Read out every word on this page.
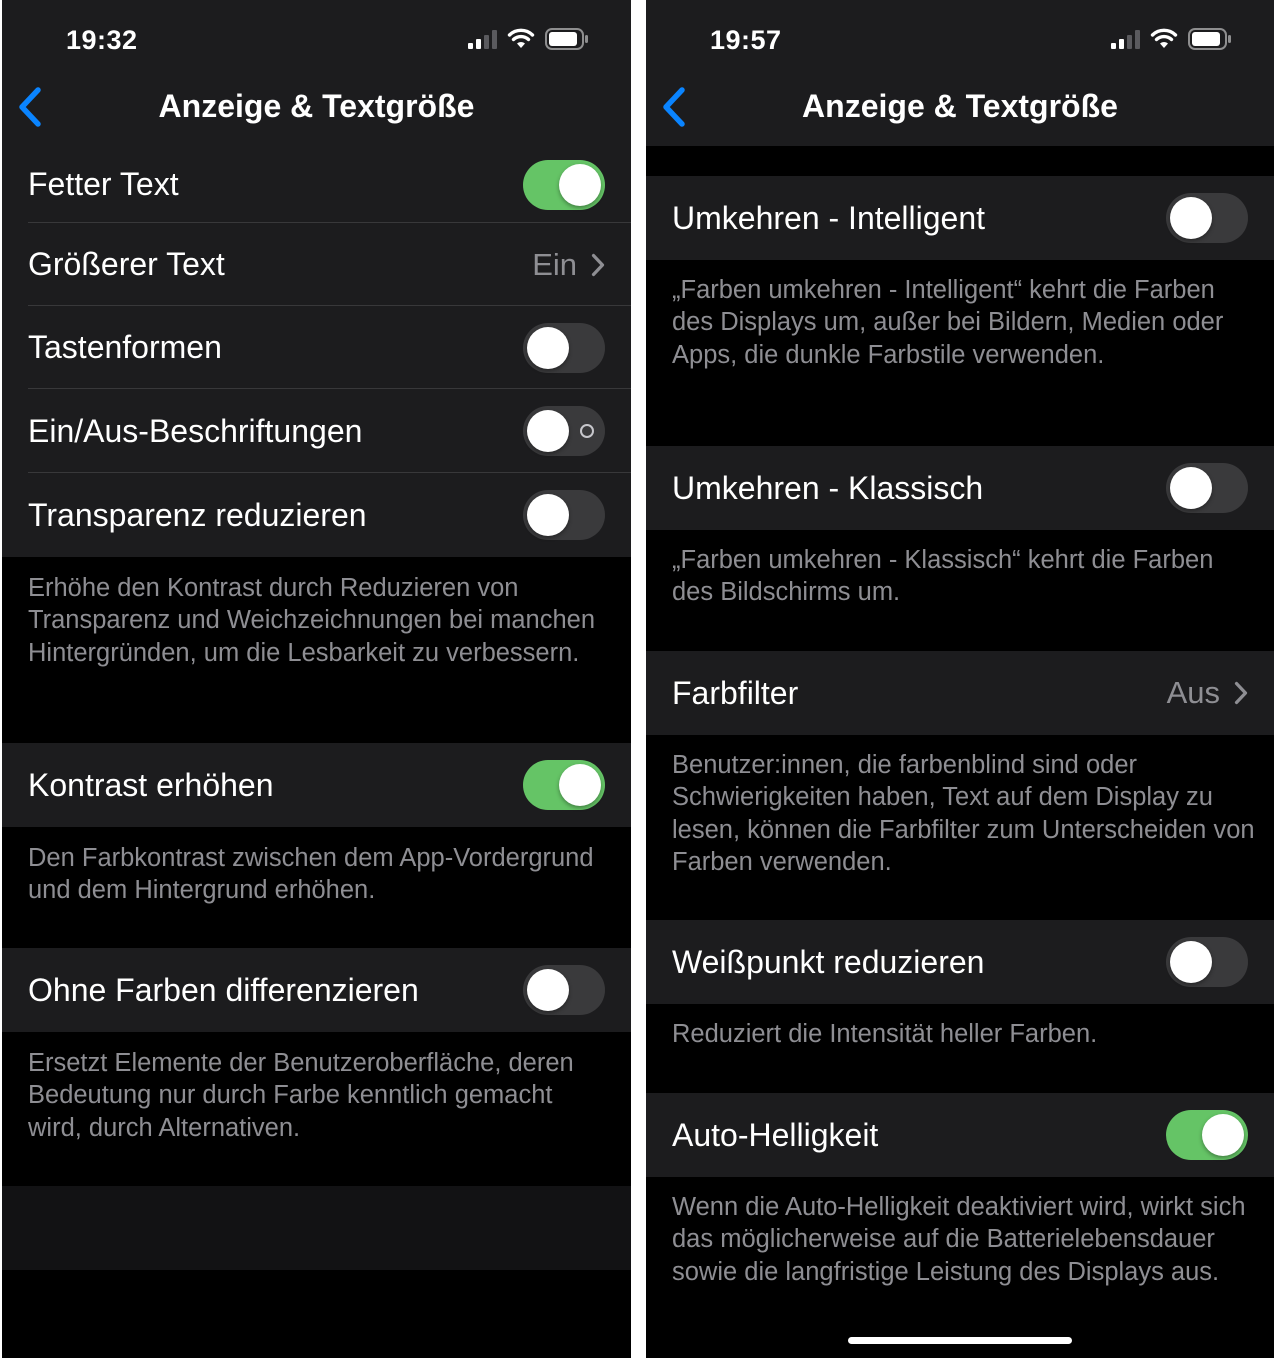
19:32
Anzeige & Textgröße
Fetter Text
Größerer Text	Ein
Tastenformen
Ein/Aus-Beschriftungen
Transparenz reduzieren
Erhöhe den Kontrast durch Reduzieren von Transparenz und Weichzeichnungen bei manchen Hintergründen, um die Lesbarkeit zu verbessern.
Kontrast erhöhen
Den Farbkontrast zwischen dem App-Vordergrund und dem Hintergrund erhöhen.
Ohne Farben differenzieren
Ersetzt Elemente der Benutzeroberfläche, deren Bedeutung nur durch Farbe kenntlich gemacht wird, durch Alternativen.
19:57
Anzeige & Textgröße
Umkehren - Intelligent
„Farben umkehren - Intelligent“ kehrt die Farben des Displays um, außer bei Bildern, Medien oder Apps, die dunkle Farbstile verwenden.
Umkehren - Klassisch
„Farben umkehren - Klassisch“ kehrt die Farben des Bildschirms um.
Farbfilter	Aus
Benutzer:innen, die farbenblind sind oder Schwierigkeiten haben, Text auf dem Display zu lesen, können die Farbfilter zum Unterscheiden von Farben verwenden.
Weißpunkt reduzieren
Reduziert die Intensität heller Farben.
Auto-Helligkeit
Wenn die Auto-Helligkeit deaktiviert wird, wirkt sich das möglicherweise auf die Batterielebensdauer sowie die langfristige Leistung des Displays aus.
